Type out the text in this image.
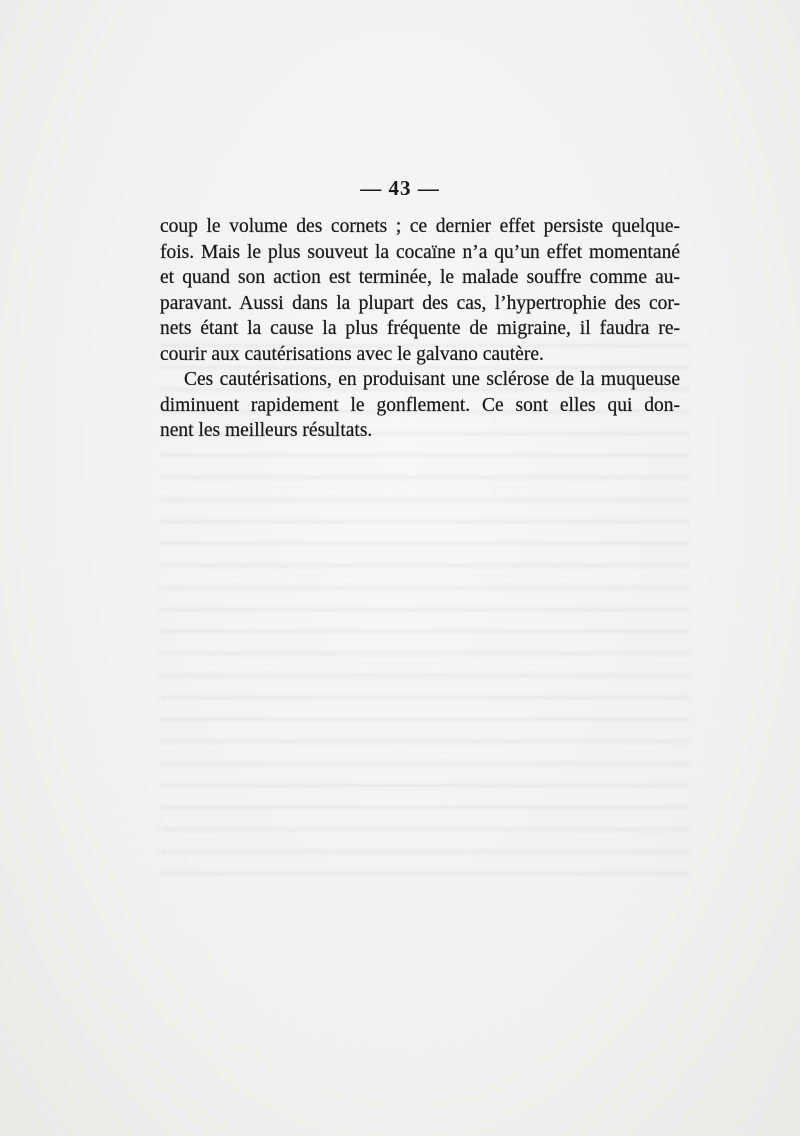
— 43 —

coup le volume des cornets ; ce dernier effet persiste quelque-
fois. Mais le plus souveut la cocaïne n’a qu’un effet momentané
et quand son action est terminée, le malade souffre comme au-
paravant. Aussi dans la plupart des cas, l’hypertrophie des cor-
nets étant la cause la plus fréquente de migraine, il faudra re-
courir aux cautérisations avec le galvano cautère.

Ces cautérisations, en produisant une sclérose de la muqueuse
diminuent rapidement le gonflement. Ce sont elles qui don-
nent les meilleurs résultats.
